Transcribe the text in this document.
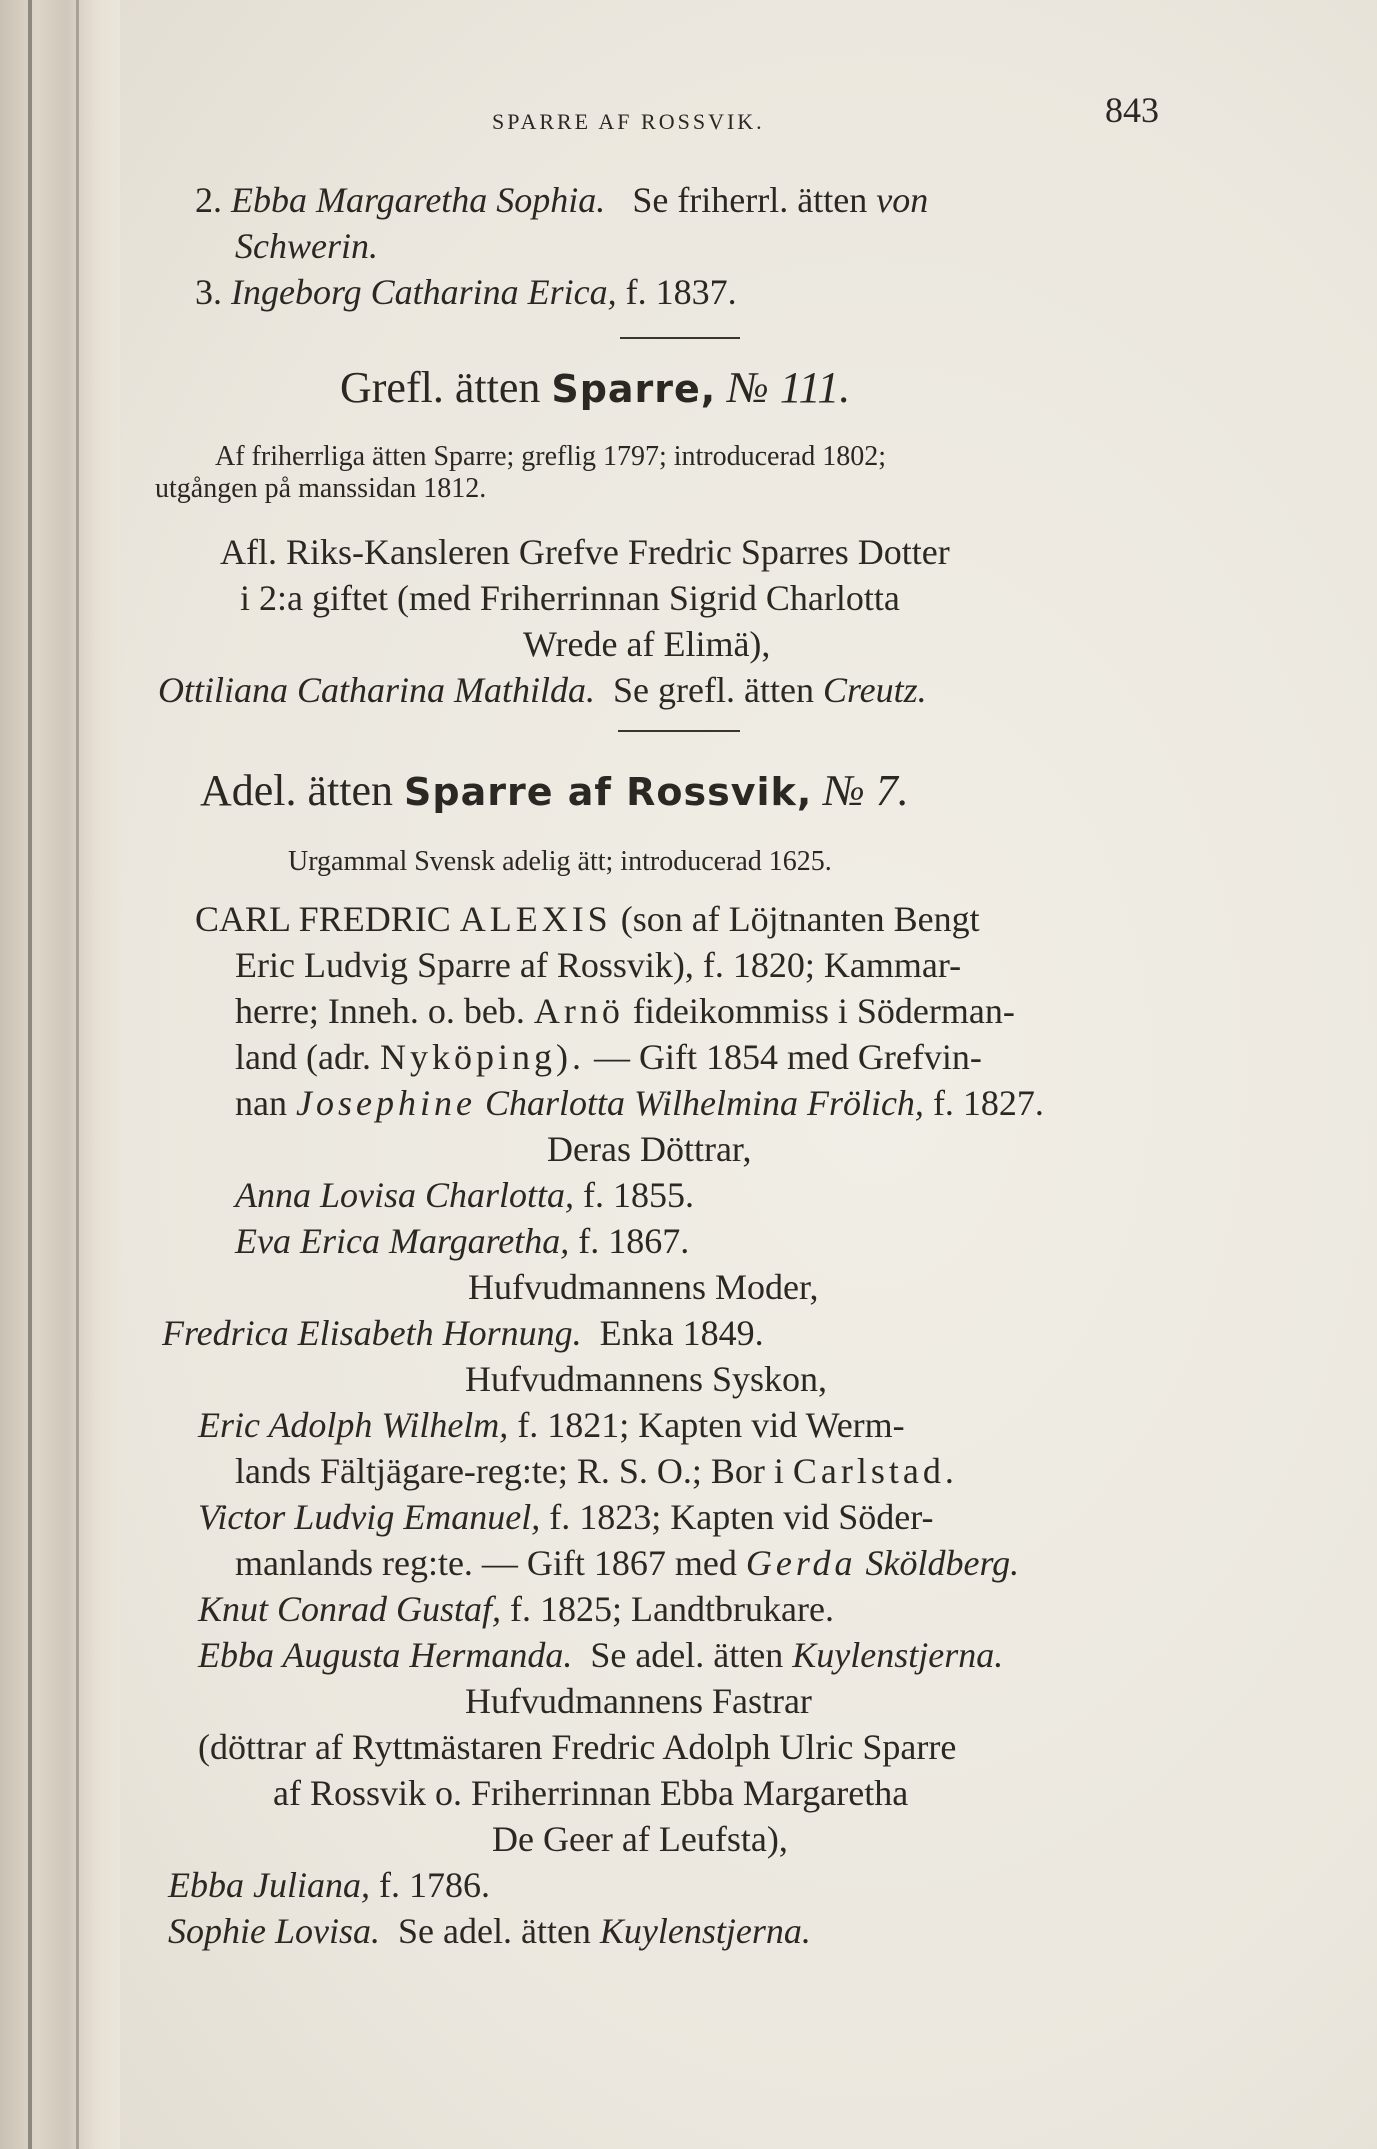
SPARRE AF ROSSVIK.	843
2. Ebba Margaretha Sophia. Se friherrl. ätten von
Schwerin.
3. Ingeborg Catharina Erica, f. 1837.
Grefl. ätten Sparre, № 111.
Af friherrliga ätten Sparre; greflig 1797; introducerad 1802;
utgången på manssidan 1812.
Afl. Riks-Kansleren Grefve Fredric Sparres Dotter
i 2:a giftet (med Friherrinnan Sigrid Charlotta
Wrede af Elimä),
Ottiliana Catharina Mathilda. Se grefl. ätten Creutz.
Adel. ätten Sparre af Rossvik, № 7.
Urgammal Svensk adelig ätt; introducerad 1625.
CARL FREDRIC ALEXIS (son af Löjtnanten Bengt
Eric Ludvig Sparre af Rossvik), f. 1820; Kammar-
herre; Inneh. o. beb. Arnö fideikommiss i Söderman-
land (adr. Nyköping). — Gift 1854 med Grefvin-
nan Josephine Charlotta Wilhelmina Frölich, f. 1827.
Deras Döttrar,
Anna Lovisa Charlotta, f. 1855.
Eva Erica Margaretha, f. 1867.
Hufvudmannens Moder,
Fredrica Elisabeth Hornung. Enka 1849.
Hufvudmannens Syskon,
Eric Adolph Wilhelm, f. 1821; Kapten vid Werm-
lands Fältjägare-reg:te; R. S. O.; Bor i Carlstad.
Victor Ludvig Emanuel, f. 1823; Kapten vid Söder-
manlands reg:te. — Gift 1867 med Gerda Sköldberg.
Knut Conrad Gustaf, f. 1825; Landtbrukare.
Ebba Augusta Hermanda. Se adel. ätten Kuylenstjerna.
Hufvudmannens Fastrar
(döttrar af Ryttmästaren Fredric Adolph Ulric Sparre
af Rossvik o. Friherrinnan Ebba Margaretha
De Geer af Leufsta),
Ebba Juliana, f. 1786.
Sophie Lovisa. Se adel. ätten Kuylenstjerna.
